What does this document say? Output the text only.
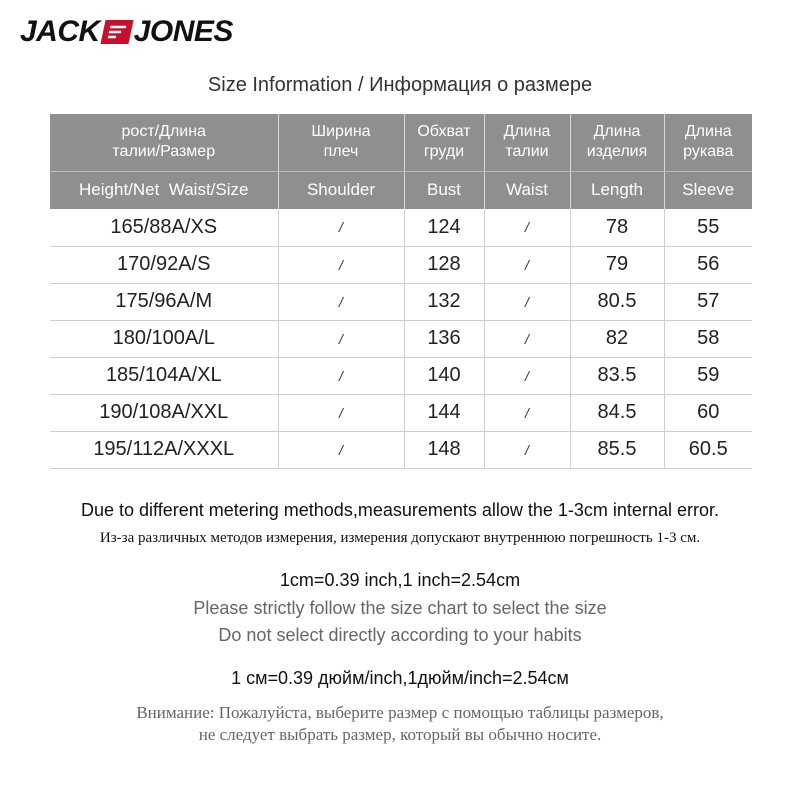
JACK JONES
Size Information / Информация о размере
рост/Длина талии/Размер	Ширина плеч	Обхват груди	Длина талии	Длина изделия	Длина рукава
Height/Net  Waist/Size	Shoulder	Bust	Waist	Length	Sleeve
165/88A/XS	/	124	/	78	55
170/92A/S	/	128	/	79	56
175/96A/M	/	132	/	80.5	57
180/100A/L	/	136	/	82	58
185/104A/XL	/	140	/	83.5	59
190/108A/XXL	/	144	/	84.5	60
195/112A/XXXL	/	148	/	85.5	60.5
Due to different metering methods,measurements allow the 1-3cm internal error.
Из-за различных методов измерения, измерения допускают внутреннюю погрешность 1-3 см.
1cm=0.39 inch,1 inch=2.54cm
Please strictly follow the size chart to select the size
Do not select directly according to your habits
1 см=0.39 дюйм/inch,1дюйм/inch=2.54см
Внимание: Пожалуйста, выберите размер с помощью таблицы размеров,
не следует выбрать размер, который вы обычно носите.
